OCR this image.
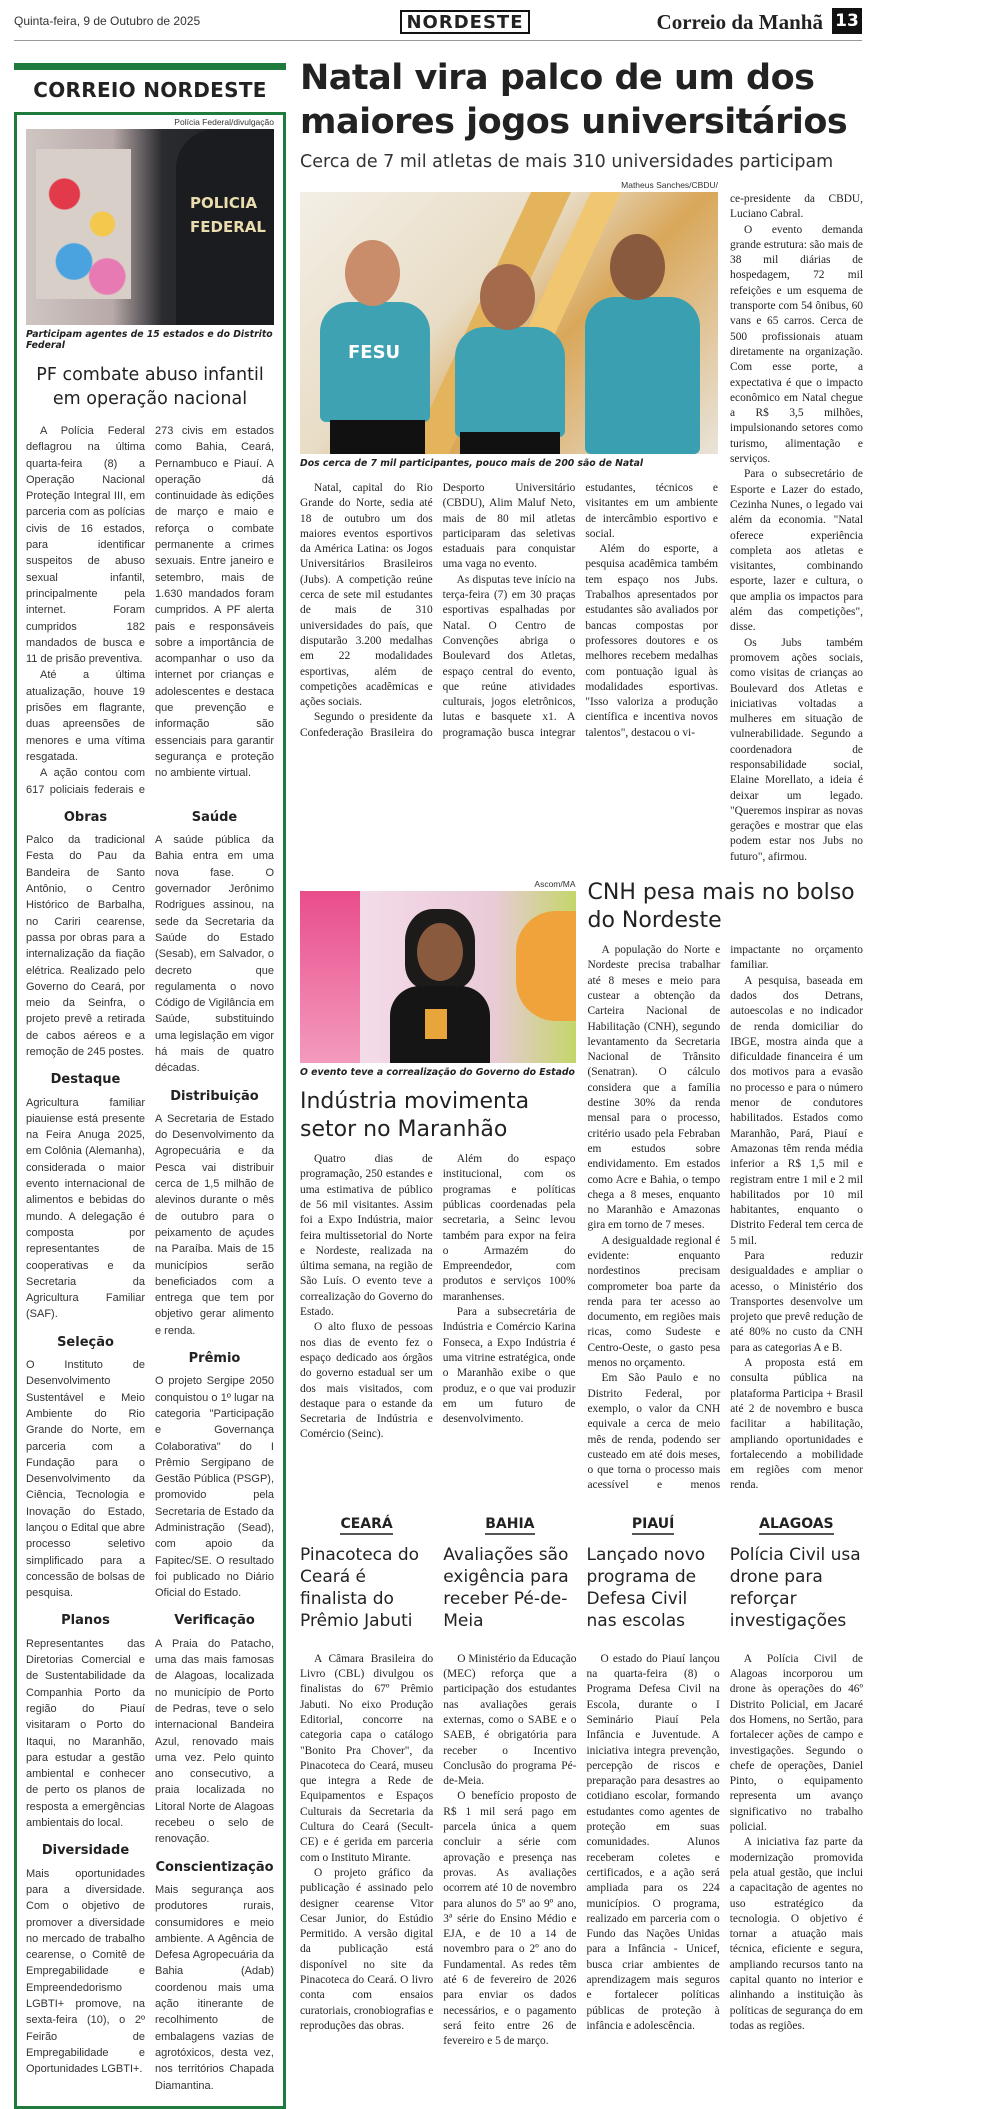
Quinta-feira, 9 de Outubro de 2025	NORDESTE	Correio da Manhã 13
CORREIO NORDESTE
Polícia Federal/divulgação
POLICIA FEDERAL
Participam agentes de 15 estados e do Distrito Federal
PF combate abuso infantil em operação nacional

A Polícia Federal deflagrou na última quarta-feira (8) a Operação Nacional Proteção Integral III, em parceria com as polícias civis de 16 estados, para identificar suspeitos de abuso sexual infantil, principalmente pela internet. Foram cumpridos 182 mandados de busca e 11 de prisão preventiva.

Até a última atualização, houve 19 prisões em flagrante, duas apreensões de menores e uma vítima resgatada.

A ação contou com 617 policiais federais e 273 civis em estados como Bahia, Ceará, Pernambuco e Piauí. A operação dá continuidade às edições de março e maio e reforça o combate permanente a crimes sexuais. Entre janeiro e setembro, mais de 1.630 mandados foram cumpridos. A PF alerta pais e responsáveis sobre a importância de acompanhar o uso da internet por crianças e adolescentes e destaca que prevenção e informação são essenciais para garantir segurança e proteção no ambiente virtual.

Obras

Palco da tradicional Festa do Pau da Bandeira de Santo Antônio, o Centro Histórico de Barbalha, no Cariri cearense, passa por obras para a internalização da fiação elétrica. Realizado pelo Governo do Ceará, por meio da Seinfra, o projeto prevê a retirada de cabos aéreos e a remoção de 245 postes.

Destaque

Agricultura familiar piauiense está presente na Feira Anuga 2025, em Colônia (Alemanha), considerada o maior evento internacional de alimentos e bebidas do mundo. A delegação é composta por representantes de cooperativas e da Secretaria da Agricultura Familiar (SAF).

Seleção

O Instituto de Desenvolvimento Sustentável e Meio Ambiente do Rio Grande do Norte, em parceria com a Fundação para o Desenvolvimento da Ciência, Tecnologia e Inovação do Estado, lançou o Edital que abre processo seletivo simplificado para a concessão de bolsas de pesquisa.

Planos

Representantes das Diretorias Comercial e de Sustentabilidade da Companhia Porto da região do Piauí visitaram o Porto do Itaqui, no Maranhão, para estudar a gestão ambiental e conhecer de perto os planos de resposta a emergências ambientais do local.

Diversidade

Mais oportunidades para a diversidade. Com o objetivo de promover a diversidade no mercado de trabalho cearense, o Comitê de Empregabilidade e Empreendedorismo LGBTI+ promove, na sexta-feira (10), o 2º Feirão de Empregabilidade e Oportunidades LGBTI+.

Saúde

A saúde pública da Bahia entra em uma nova fase. O governador Jerônimo Rodrigues assinou, na sede da Secretaria da Saúde do Estado (Sesab), em Salvador, o decreto que regulamenta o novo Código de Vigilância em Saúde, substituindo uma legislação em vigor há mais de quatro décadas.

Distribuição

A Secretaria de Estado do Desenvolvimento da Agropecuária e da Pesca vai distribuir cerca de 1,5 milhão de alevinos durante o mês de outubro para o peixamento de açudes na Paraíba. Mais de 15 municípios serão beneficiados com a entrega que tem por objetivo gerar alimento e renda.

Prêmio

O projeto Sergipe 2050 conquistou o 1º lugar na categoria "Participação e Governança Colaborativa" do I Prêmio Sergipano de Gestão Pública (PSGP), promovido pela Secretaria de Estado da Administração (Sead), com apoio da Fapitec/SE. O resultado foi publicado no Diário Oficial do Estado.

Verificação

A Praia do Patacho, uma das mais famosas de Alagoas, localizada no município de Porto de Pedras, teve o selo internacional Bandeira Azul, renovado mais uma vez. Pelo quinto ano consecutivo, a praia localizada no Litoral Norte de Alagoas recebeu o selo de renovação.

Conscientização

Mais segurança aos produtores rurais, consumidores e meio ambiente. A Agência de Defesa Agropecuária da Bahia (Adab) coordenou mais uma ação itinerante de recolhimento de embalagens vazias de agrotóxicos, desta vez, nos territórios Chapada Diamantina.

Natal vira palco de um dos maiores jogos universitários
Cerca de 7 mil atletas de mais 310 universidades participam
Matheus Sanches/CBDU/
FESU
Dos cerca de 7 mil participantes, pouco mais de 200 são de Natal

Natal, capital do Rio Grande do Norte, sedia até 18 de outubro um dos maiores eventos esportivos da América Latina: os Jogos Universitários Brasileiros (Jubs). A competição reúne cerca de sete mil estudantes de mais de 310 universidades do país, que disputarão 3.200 medalhas em 22 modalidades esportivas, além de competições acadêmicas e ações sociais.

Segundo o presidente da Confederação Brasileira do Desporto Universitário (CBDU), Alim Maluf Neto, mais de 80 mil atletas participaram das seletivas estaduais para conquistar uma vaga no evento.

As disputas teve início na terça-feira (7) em 30 praças esportivas espalhadas por Natal. O Centro de Convenções abriga o Boulevard dos Atletas, espaço central do evento, que reúne atividades culturais, jogos eletrônicos, lutas e basquete x1. A programação busca integrar estudantes, técnicos e visitantes em um ambiente de intercâmbio esportivo e social.

Além do esporte, a pesquisa acadêmica também tem espaço nos Jubs. Trabalhos apresentados por estudantes são avaliados por bancas compostas por professores doutores e os melhores recebem medalhas com pontuação igual às modalidades esportivas. "Isso valoriza a produção científica e incentiva novos talentos", destacou o vi-

ce-presidente da CBDU, Luciano Cabral.

O evento demanda grande estrutura: são mais de 38 mil diárias de hospedagem, 72 mil refeições e um esquema de transporte com 54 ônibus, 60 vans e 65 carros. Cerca de 500 profissionais atuam diretamente na organização. Com esse porte, a expectativa é que o impacto econômico em Natal chegue a R$ 3,5 milhões, impulsionando setores como turismo, alimentação e serviços.

Para o subsecretário de Esporte e Lazer do estado, Cezinha Nunes, o legado vai além da economia. "Natal oferece experiência completa aos atletas e visitantes, combinando esporte, lazer e cultura, o que amplia os impactos para além das competições", disse.

Os Jubs também promovem ações sociais, como visitas de crianças ao Boulevard dos Atletas e iniciativas voltadas a mulheres em situação de vulnerabilidade. Segundo a coordenadora de responsabilidade social, Elaine Morellato, a ideia é deixar um legado. "Queremos inspirar as novas gerações e mostrar que elas podem estar nos Jubs no futuro", afirmou.

Ascom/MA
O evento teve a correalização do Governo do Estado
Indústria movimenta setor no Maranhão

Quatro dias de programação, 250 estandes e uma estimativa de público de 56 mil visitantes. Assim foi a Expo Indústria, maior feira multissetorial do Norte e Nordeste, realizada na última semana, na região de São Luís. O evento teve a correalização do Governo do Estado.

O alto fluxo de pessoas nos dias de evento fez o espaço dedicado aos órgãos do governo estadual ser um dos mais visitados, com destaque para o estande da Secretaria de Indústria e Comércio (Seinc).

Além do espaço institucional, com os programas e políticas públicas coordenadas pela secretaria, a Seinc levou também para expor na feira o Armazém do Empreendedor, com produtos e serviços 100% maranhenses.

Para a subsecretária de Indústria e Comércio Karina Fonseca, a Expo Indústria é uma vitrine estratégica, onde o Maranhão exibe o que produz, e o que vai produzir em um futuro de desenvolvimento.

CNH pesa mais no bolso do Nordeste

A população do Norte e Nordeste precisa trabalhar até 8 meses e meio para custear a obtenção da Carteira Nacional de Habilitação (CNH), segundo levantamento da Secretaria Nacional de Trânsito (Senatran). O cálculo considera que a família destine 30% da renda mensal para o processo, critério usado pela Febraban em estudos sobre endividamento. Em estados como Acre e Bahia, o tempo chega a 8 meses, enquanto no Maranhão e Amazonas gira em torno de 7 meses.

A desigualdade regional é evidente: enquanto nordestinos precisam comprometer boa parte da renda para ter acesso ao documento, em regiões mais ricas, como Sudeste e Centro-Oeste, o gasto pesa menos no orçamento.

Em São Paulo e no Distrito Federal, por exemplo, o valor da CNH equivale a cerca de meio mês de renda, podendo ser custeado em até dois meses, o que torna o processo mais acessível e menos impactante no orçamento familiar.

A pesquisa, baseada em dados dos Detrans, autoescolas e no indicador de renda domiciliar do IBGE, mostra ainda que a dificuldade financeira é um dos motivos para a evasão no processo e para o número menor de condutores habilitados. Estados como Maranhão, Pará, Piauí e Amazonas têm renda média inferior a R$ 1,5 mil e registram entre 1 mil e 2 mil habilitados por 10 mil habitantes, enquanto o Distrito Federal tem cerca de 5 mil.

Para reduzir desigualdades e ampliar o acesso, o Ministério dos Transportes desenvolve um projeto que prevê redução de até 80% no custo da CNH para as categorias A e B.

A proposta está em consulta pública na plataforma Participa + Brasil até 2 de novembro e busca facilitar a habilitação, ampliando oportunidades e fortalecendo a mobilidade em regiões com menor renda.

CEARÁ
Pinacoteca do Ceará é finalista do Prêmio Jabuti

A Câmara Brasileira do Livro (CBL) divulgou os finalistas do 67º Prêmio Jabuti. No eixo Produção Editorial, concorre na categoria capa o catálogo "Bonito Pra Chover", da Pinacoteca do Ceará, museu que integra a Rede de Equipamentos e Espaços Culturais da Secretaria da Cultura do Ceará (Secult-CE) e é gerida em parceria com o Instituto Mirante.

O projeto gráfico da publicação é assinado pelo designer cearense Vitor Cesar Junior, do Estúdio Permitido. A versão digital da publicação está disponível no site da Pinacoteca do Ceará. O livro conta com ensaios curatoriais, cronobiografias e reproduções das obras.

BAHIA
Avaliações são exigência para receber Pé-de-Meia

O Ministério da Educação (MEC) reforça que a participação dos estudantes nas avaliações gerais externas, como o SABE e o SAEB, é obrigatória para receber o Incentivo Conclusão do programa Pé-de-Meia.

O benefício proposto de R$ 1 mil será pago em parcela única a quem concluir a série com aprovação e presença nas provas. As avaliações ocorrem até 10 de novembro para alunos do 5º ao 9º ano, 3ª série do Ensino Médio e EJA, e de 10 a 14 de novembro para o 2º ano do Fundamental. As redes têm até 6 de fevereiro de 2026 para enviar os dados necessários, e o pagamento será feito entre 26 de fevereiro e 5 de março.

PIAUÍ
Lançado novo programa de Defesa Civil nas escolas

O estado do Piauí lançou na quarta-feira (8) o Programa Defesa Civil na Escola, durante o I Seminário Piauí Pela Infância e Juventude. A iniciativa integra prevenção, percepção de riscos e preparação para desastres ao cotidiano escolar, formando estudantes como agentes de proteção em suas comunidades. Alunos receberam coletes e certificados, e a ação será ampliada para os 224 municípios. O programa, realizado em parceria com o Fundo das Nações Unidas para a Infância - Unicef, busca criar ambientes de aprendizagem mais seguros e fortalecer políticas públicas de proteção à infância e adolescência.

ALAGOAS
Polícia Civil usa drone para reforçar investigações

A Polícia Civil de Alagoas incorporou um drone às operações do 46º Distrito Policial, em Jacaré dos Homens, no Sertão, para fortalecer ações de campo e investigações. Segundo o chefe de operações, Daniel Pinto, o equipamento representa um avanço significativo no trabalho policial.

A iniciativa faz parte da modernização promovida pela atual gestão, que inclui a capacitação de agentes no uso estratégico da tecnologia. O objetivo é tornar a atuação mais técnica, eficiente e segura, ampliando recursos tanto na capital quanto no interior e alinhando a instituição às políticas de segurança do em todas as regiões.
